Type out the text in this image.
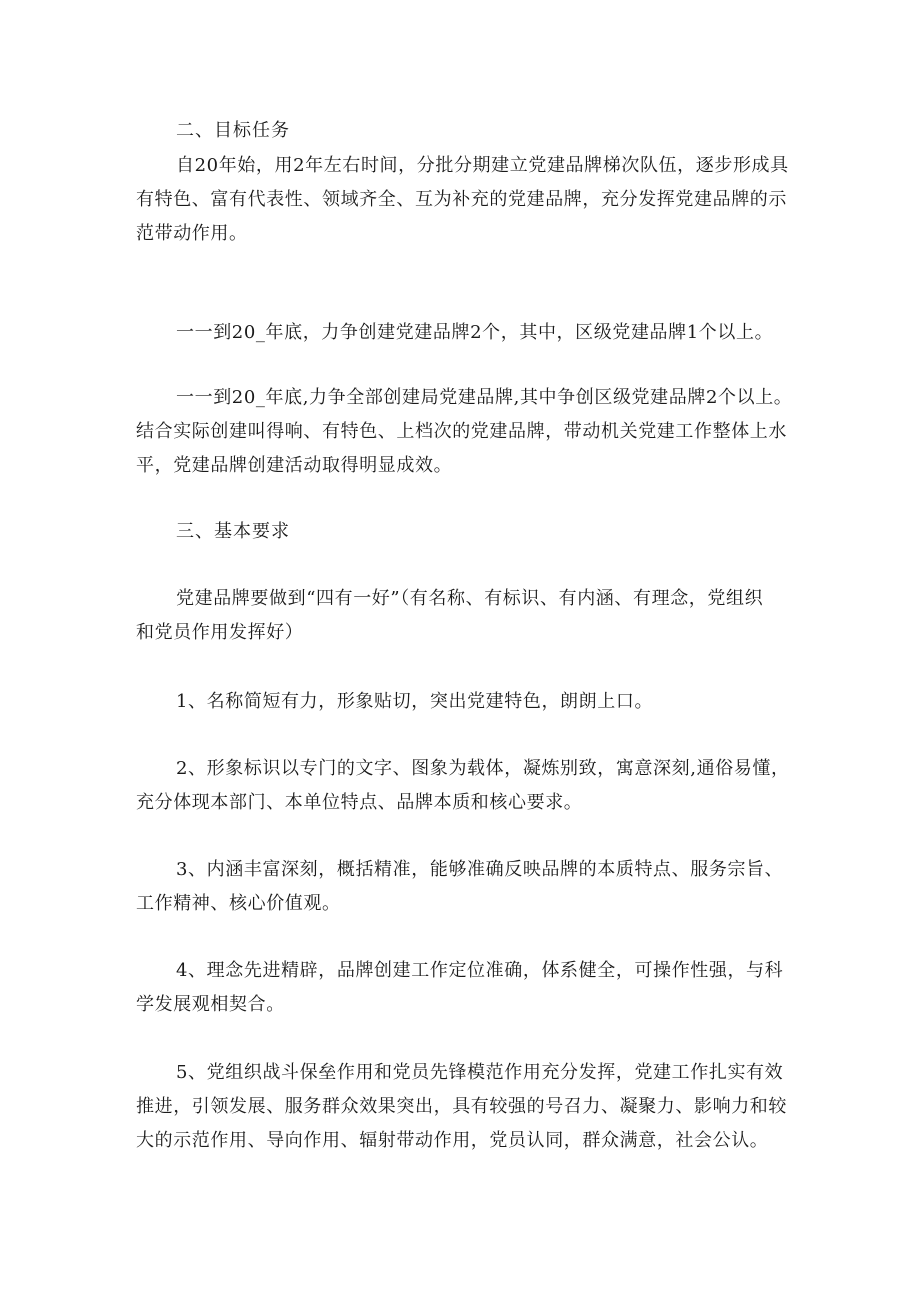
二、目标任务

自20年始，用2年左右时间，分批分期建立党建品牌梯次队伍，逐步形成具
有特色、富有代表性、领域齐全、互为补充的党建品牌，充分发挥党建品牌的示
范带动作用。

一一到20_年底，力争创建党建品牌2个，其中，区级党建品牌1个以上。

一一到20_年底,力争全部创建局党建品牌,其中争创区级党建品牌2个以上。
结合实际创建叫得响、有特色、上档次的党建品牌，带动机关党建工作整体上水
平，党建品牌创建活动取得明显成效。

三、基本要求

党建品牌要做到“四有一好”（有名称、有标识、有内涵、有理念，党组织
和党员作用发挥好）

1、名称简短有力，形象贴切，突出党建特色，朗朗上口。

2、形象标识以专门的文字、图象为载体，凝炼别致，寓意深刻,通俗易懂，
充分体现本部门、本单位特点、品牌本质和核心要求。

3、内涵丰富深刻，概括精准，能够准确反映品牌的本质特点、服务宗旨、
工作精神、核心价值观。

4、理念先进精辟，品牌创建工作定位准确，体系健全，可操作性强，与科
学发展观相契合。

5、党组织战斗保垒作用和党员先锋模范作用充分发挥，党建工作扎实有效
推进，引领发展、服务群众效果突出，具有较强的号召力、凝聚力、影响力和较
大的示范作用、导向作用、辐射带动作用，党员认同，群众满意，社会公认。
